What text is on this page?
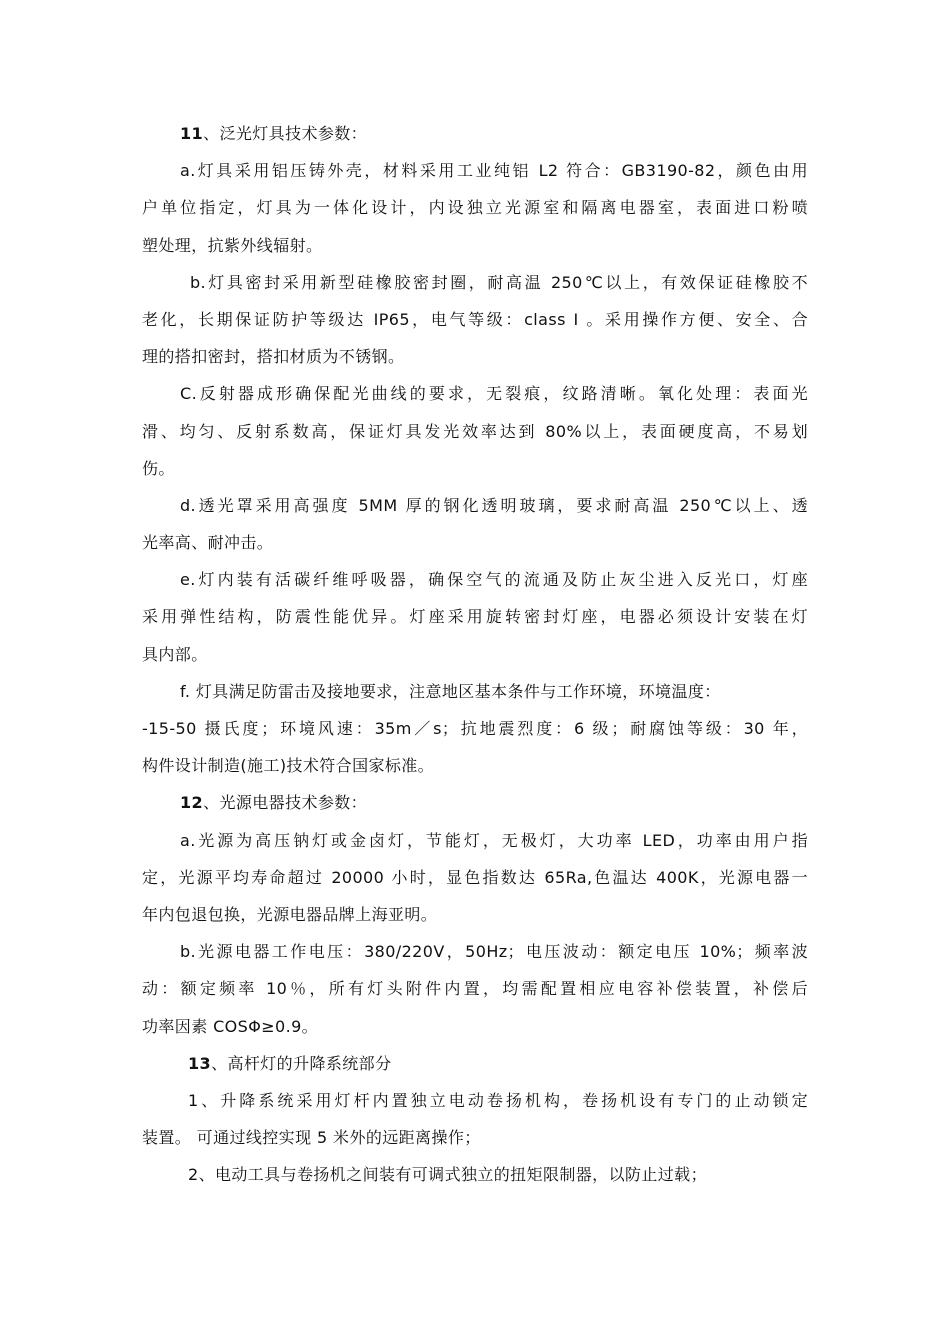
11、泛光灯具技术参数：
a.灯具采用铝压铸外壳，材料采用工业纯铝 L2 符合：GB3190-82，颜色由用
户单位指定，灯具为一体化设计，内设独立光源室和隔离电器室，表面进口粉喷
塑处理，抗紫外线辐射。
b.灯具密封采用新型硅橡胶密封圈，耐高温 250℃以上，有效保证硅橡胶不
老化，长期保证防护等级达 IP65，电气等级：class I 。采用操作方便、安全、合
理的搭扣密封，搭扣材质为不锈钢。
C.反射器成形确保配光曲线的要求，无裂痕，纹路清晰。氧化处理：表面光
滑、均匀、反射系数高，保证灯具发光效率达到 80%以上，表面硬度高，不易划
伤。
d.透光罩采用高强度 5MM 厚的钢化透明玻璃，要求耐高温 250℃以上、透
光率高、耐冲击。
e.灯内装有活碳纤维呼吸器，确保空气的流通及防止灰尘进入反光口，灯座
采用弹性结构，防震性能优异。灯座采用旋转密封灯座，电器必须设计安装在灯
具内部。
f. 灯具满足防雷击及接地要求，注意地区基本条件与工作环境，环境温度：
-15-50 摄氏度；环境风速：35m／s；抗地震烈度：6 级；耐腐蚀等级：30 年，
构件设计制造(施工)技术符合国家标准。
12、光源电器技术参数：
a.光源为高压钠灯或金卤灯，节能灯，无极灯，大功率 LED，功率由用户指
定，光源平均寿命超过 20000 小时，显色指数达 65Ra,色温达 400K，光源电器一
年内包退包换，光源电器品牌上海亚明。
b.光源电器工作电压：380/220V，50Hz；电压波动：额定电压 10%；频率波
动：额定频率 10％，所有灯头附件内置，均需配置相应电容补偿装置，补偿后
功率因素 COSΦ≥0.9。
13、高杆灯的升降系统部分
1、升降系统采用灯杆内置独立电动卷扬机构，卷扬机设有专门的止动锁定
装置。 可通过线控实现 5 米外的远距离操作；
2、电动工具与卷扬机之间装有可调式独立的扭矩限制器，以防止过载；
